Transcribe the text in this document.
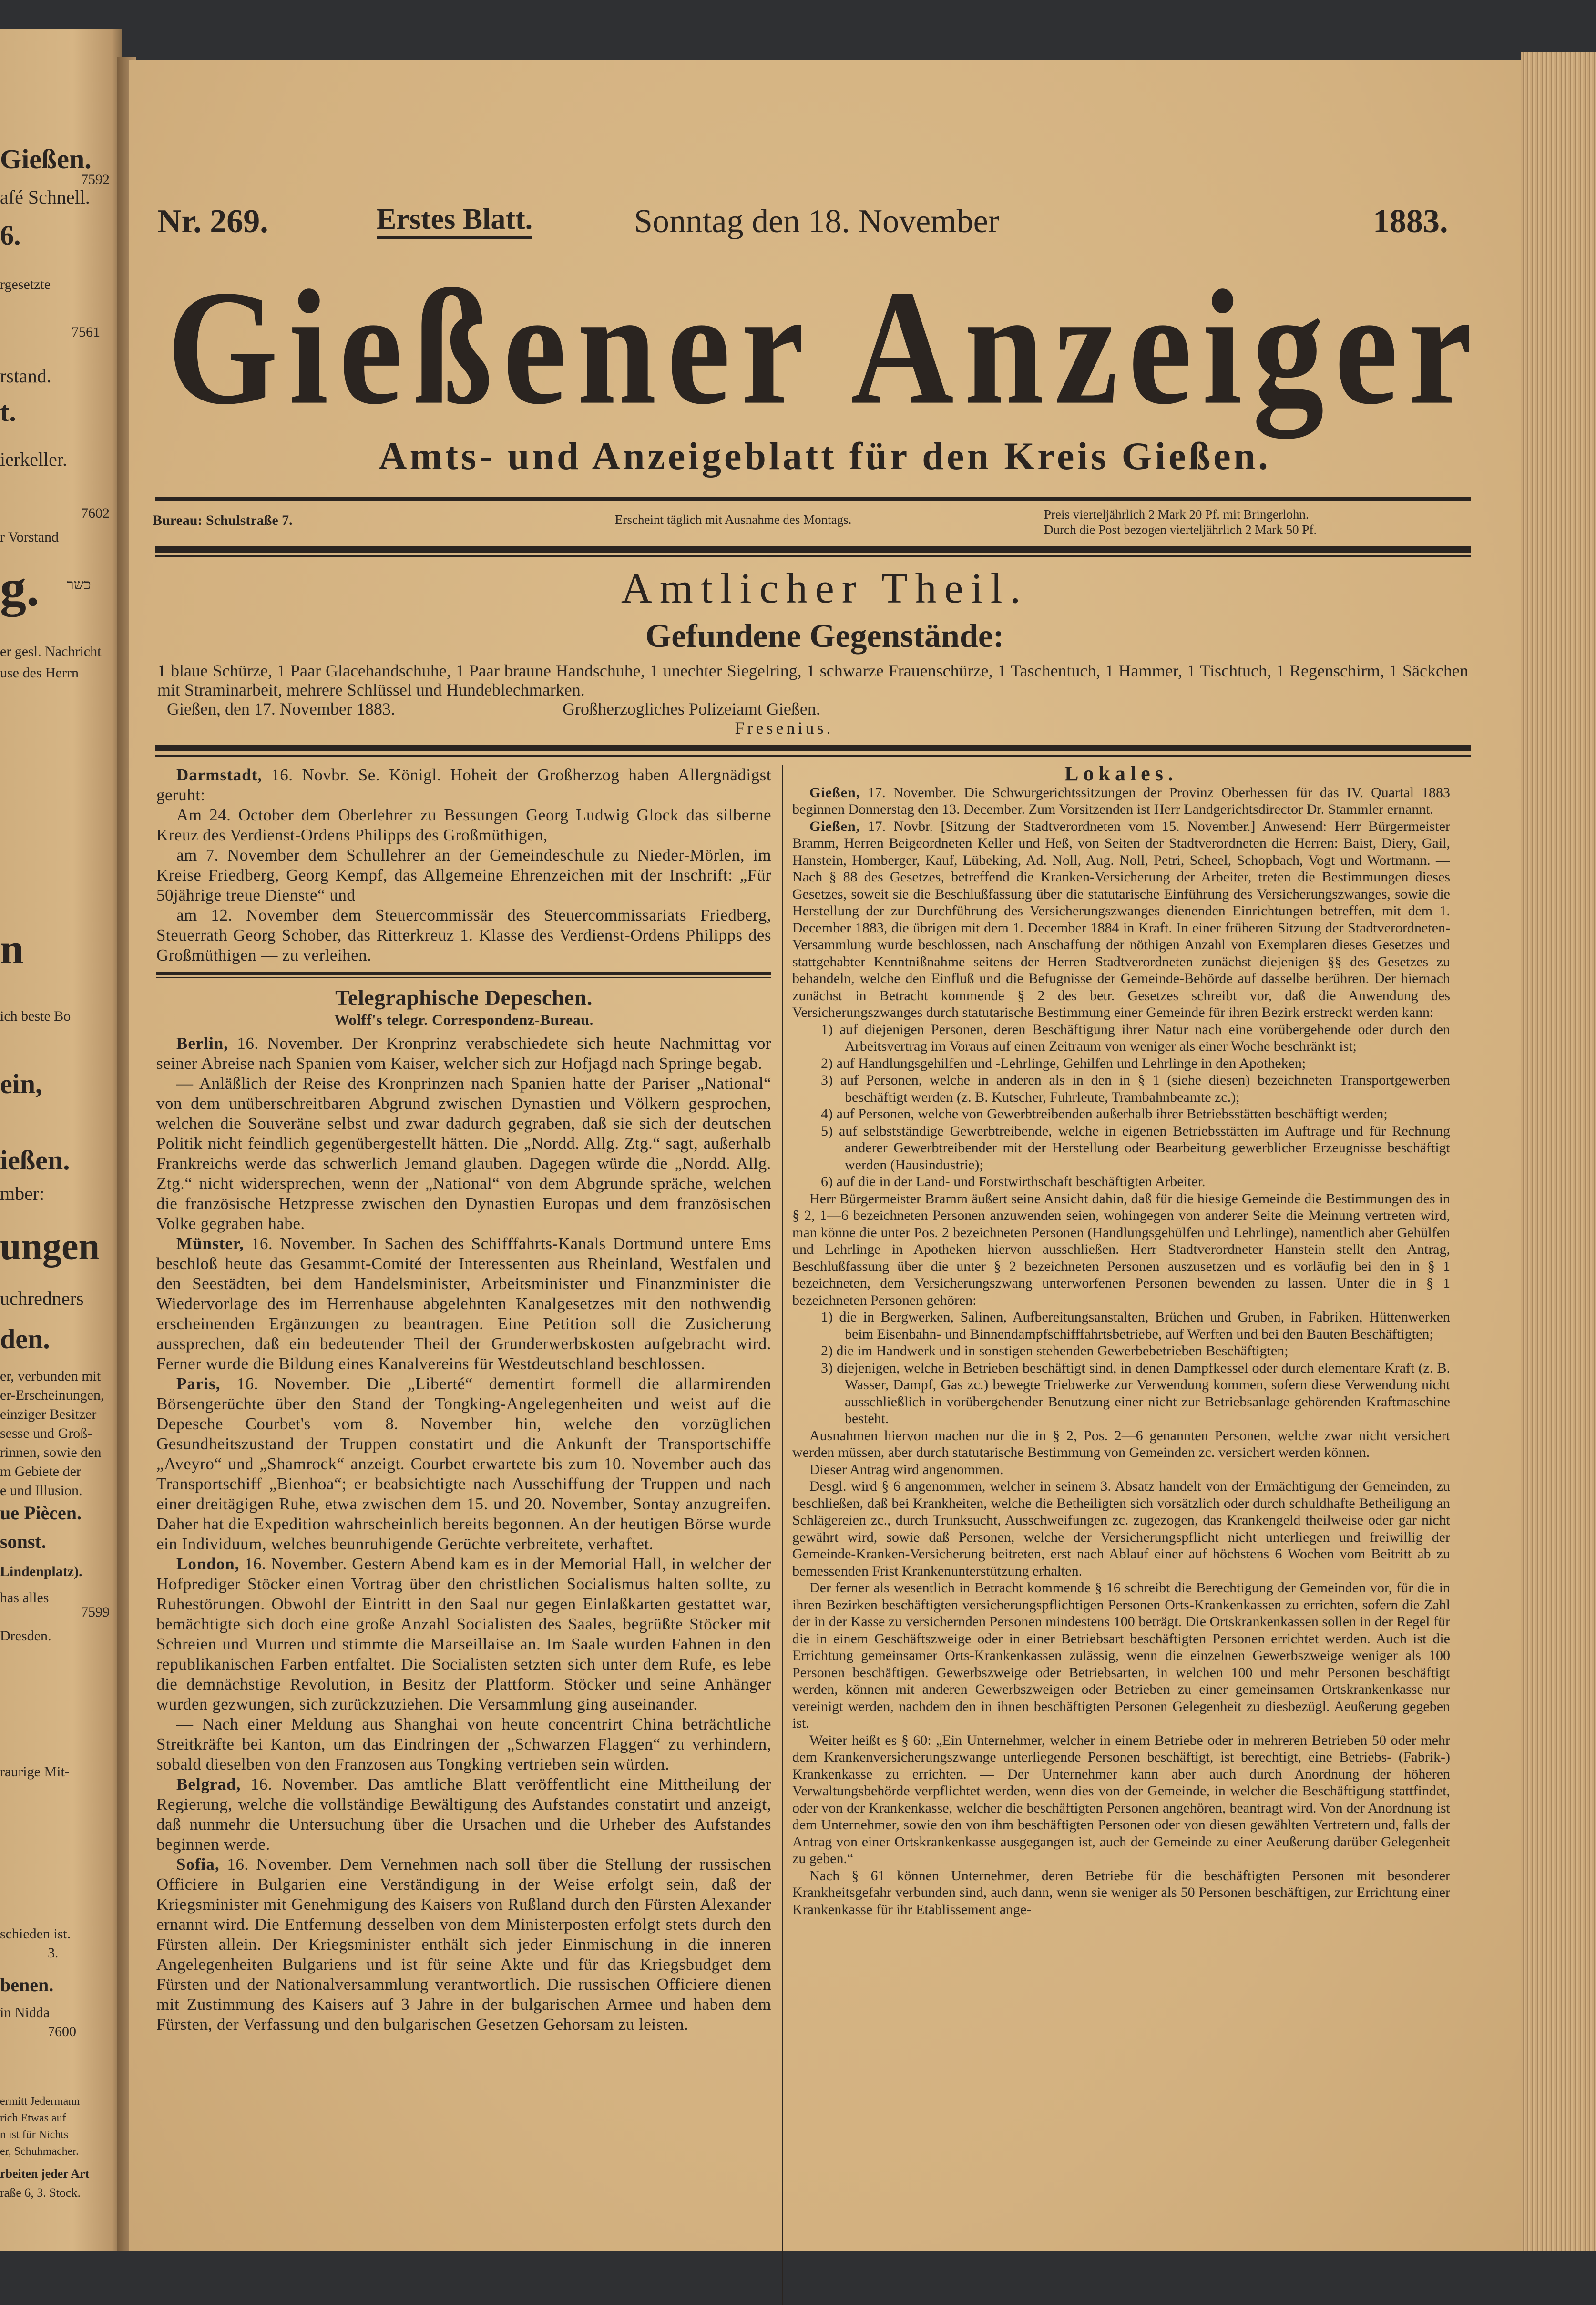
Gießen.
afé Schnell.
7592
6.
rgesetzte
7561
rstand.
t.
ierkeller.
7602
r Vorstand
g. כשר
er gesl. Nachricht
use des Herrn
n
ich beste Bo
ein,
ießen.
mber:
ungen
uchredners
den.
er, verbunden mit
er-Erscheinungen,
einziger Besitzer
sesse und Groß-
rinnen, sowie den
m Gebiete der
e und Illusion.
ue Piècen.
sonst.
Lindenplatz).
has alles
7599
Dresden.
raurige Mit-
schieden ist.
3.
benen.
in Nidda
7600
ermitt Jedermann
rich Etwas auf
n ist für Nichts
er, Schuhmacher.
rbeiten jeder Art
raße 6, 3. Stock.
Nr. 269.	Erstes Blatt.	Sonntag den 18. November	1883.
Gießener Anzeiger
Amts- und Anzeigeblatt für den Kreis Gießen.
Bureau: Schulstraße 7.	Erscheint täglich mit Ausnahme des Montags.	Preis vierteljährlich 2 Mark 20 Pf. mit Bringerlohn.
Durch die Post bezogen vierteljährlich 2 Mark 50 Pf.
Amtlicher Theil.
Gefundene Gegenstände:
1 blaue Schürze, 1 Paar Glacehandschuhe, 1 Paar braune Handschuhe, 1 unechter Siegelring, 1 schwarze Frauenschürze, 1 Taschentuch, 1 Hammer, 1 Tischtuch, 1 Regenschirm, 1 Säckchen mit Straminarbeit, mehrere Schlüssel und Hundeblechmarken.
Gießen, den 17. November 1883.	Großherzogliches Polizeiamt Gießen.
Fresenius.

Darmstadt, 16. Novbr. Se. Königl. Hoheit der Großherzog haben Allergnädigst geruht:

Am 24. October dem Oberlehrer zu Bessungen Georg Ludwig Glock das silberne Kreuz des Verdienst-Ordens Philipps des Großmüthigen,

am 7. November dem Schullehrer an der Gemeindeschule zu Nieder-Mörlen, im Kreise Friedberg, Georg Kempf, das Allgemeine Ehrenzeichen mit der Inschrift: „Für 50jährige treue Dienste“ und

am 12. November dem Steuercommissär des Steuercommissariats Friedberg, Steuerrath Georg Schober, das Ritterkreuz 1. Klasse des Verdienst-Ordens Philipps des Großmüthigen — zu verleihen.

Telegraphische Depeschen.

Wolff's telegr. Correspondenz-Bureau.

Berlin, 16. November. Der Kronprinz verabschiedete sich heute Nachmittag vor seiner Abreise nach Spanien vom Kaiser, welcher sich zur Hofjagd nach Springe begab.

— Anläßlich der Reise des Kronprinzen nach Spanien hatte der Pariser „National“ von dem unüberschreitbaren Abgrund zwischen Dynastien und Völkern gesprochen, welchen die Souveräne selbst und zwar dadurch gegraben, daß sie sich der deutschen Politik nicht feindlich gegenübergestellt hätten. Die „Nordd. Allg. Ztg.“ sagt, außerhalb Frankreichs werde das schwerlich Jemand glauben. Dagegen würde die „Nordd. Allg. Ztg.“ nicht widersprechen, wenn der „National“ von dem Abgrunde spräche, welchen die französische Hetzpresse zwischen den Dynastien Europas und dem französischen Volke gegraben habe.

Münster, 16. November. In Sachen des Schifffahrts-Kanals Dortmund untere Ems beschloß heute das Gesammt-Comité der Interessenten aus Rheinland, Westfalen und den Seestädten, bei dem Handelsminister, Arbeitsminister und Finanzminister die Wiedervorlage des im Herrenhause abgelehnten Kanalgesetzes mit den nothwendig erscheinenden Ergänzungen zu beantragen. Eine Petition soll die Zusicherung aussprechen, daß ein bedeutender Theil der Grunderwerbskosten aufgebracht wird. Ferner wurde die Bildung eines Kanalvereins für Westdeutschland beschlossen.

Paris, 16. November. Die „Liberté“ dementirt formell die allarmirenden Börsengerüchte über den Stand der Tongking-Angelegenheiten und weist auf die Depesche Courbet's vom 8. November hin, welche den vorzüglichen Gesundheitszustand der Truppen constatirt und die Ankunft der Transportschiffe „Aveyro“ und „Shamrock“ anzeigt. Courbet erwartete bis zum 10. November auch das Transportschiff „Bienhoa“; er beabsichtigte nach Ausschiffung der Truppen und nach einer dreitägigen Ruhe, etwa zwischen dem 15. und 20. November, Sontay anzugreifen. Daher hat die Expedition wahrscheinlich bereits begonnen. An der heutigen Börse wurde ein Individuum, welches beunruhigende Gerüchte verbreitete, verhaftet.

London, 16. November. Gestern Abend kam es in der Memorial Hall, in welcher der Hofprediger Stöcker einen Vortrag über den christlichen Socialismus halten sollte, zu Ruhestörungen. Obwohl der Eintritt in den Saal nur gegen Einlaßkarten gestattet war, bemächtigte sich doch eine große Anzahl Socialisten des Saales, begrüßte Stöcker mit Schreien und Murren und stimmte die Marseillaise an. Im Saale wurden Fahnen in den republikanischen Farben entfaltet. Die Socialisten setzten sich unter dem Rufe, es lebe die demnächstige Revolution, in Besitz der Plattform. Stöcker und seine Anhänger wurden gezwungen, sich zurückzuziehen. Die Versammlung ging auseinander.

— Nach einer Meldung aus Shanghai von heute concentrirt China beträchtliche Streitkräfte bei Kanton, um das Eindringen der „Schwarzen Flaggen“ zu verhindern, sobald dieselben von den Franzosen aus Tongking vertrieben sein würden.

Belgrad, 16. November. Das amtliche Blatt veröffentlicht eine Mittheilung der Regierung, welche die vollständige Bewältigung des Aufstandes constatirt und anzeigt, daß nunmehr die Untersuchung über die Ursachen und die Urheber des Aufstandes beginnen werde.

Sofia, 16. November. Dem Vernehmen nach soll über die Stellung der russischen Officiere in Bulgarien eine Verständigung in der Weise erfolgt sein, daß der Kriegsminister mit Genehmigung des Kaisers von Rußland durch den Fürsten Alexander ernannt wird. Die Entfernung desselben von dem Ministerposten erfolgt stets durch den Fürsten allein. Der Kriegsminister enthält sich jeder Einmischung in die inneren Angelegenheiten Bulgariens und ist für seine Akte und für das Kriegsbudget dem Fürsten und der Nationalversammlung verantwortlich. Die russischen Officiere dienen mit Zustimmung des Kaisers auf 3 Jahre in der bulgarischen Armee und haben dem Fürsten, der Verfassung und den bulgarischen Gesetzen Gehorsam zu leisten.

Lokales.

Gießen, 17. November. Die Schwurgerichtssitzungen der Provinz Oberhessen für das IV. Quartal 1883 beginnen Donnerstag den 13. December. Zum Vorsitzenden ist Herr Landgerichtsdirector Dr. Stammler ernannt.

Gießen, 17. Novbr. [Sitzung der Stadtverordneten vom 15. November.] Anwesend: Herr Bürgermeister Bramm, Herren Beigeordneten Keller und Heß, von Seiten der Stadtverordneten die Herren: Baist, Diery, Gail, Hanstein, Homberger, Kauf, Lübeking, Ad. Noll, Aug. Noll, Petri, Scheel, Schopbach, Vogt und Wortmann. — Nach § 88 des Gesetzes, betreffend die Kranken-Versicherung der Arbeiter, treten die Bestimmungen dieses Gesetzes, soweit sie die Beschlußfassung über die statutarische Einführung des Versicherungszwanges, sowie die Herstellung der zur Durchführung des Versicherungszwanges dienenden Einrichtungen betreffen, mit dem 1. December 1883, die übrigen mit dem 1. December 1884 in Kraft. In einer früheren Sitzung der Stadtverordneten-Versammlung wurde beschlossen, nach Anschaffung der nöthigen Anzahl von Exemplaren dieses Gesetzes und stattgehabter Kenntnißnahme seitens der Herren Stadtverordneten zunächst diejenigen §§ des Gesetzes zu behandeln, welche den Einfluß und die Befugnisse der Gemeinde-Behörde auf dasselbe berühren. Der hiernach zunächst in Betracht kommende § 2 des betr. Gesetzes schreibt vor, daß die Anwendung des Versicherungszwanges durch statutarische Bestimmung einer Gemeinde für ihren Bezirk erstreckt werden kann:

1) auf diejenigen Personen, deren Beschäftigung ihrer Natur nach eine vorübergehende oder durch den Arbeitsvertrag im Voraus auf einen Zeitraum von weniger als einer Woche beschränkt ist;

2) auf Handlungsgehilfen und -Lehrlinge, Gehilfen und Lehrlinge in den Apotheken;

3) auf Personen, welche in anderen als in den in § 1 (siehe diesen) bezeichneten Transportgewerben beschäftigt werden (z. B. Kutscher, Fuhrleute, Trambahnbeamte zc.);

4) auf Personen, welche von Gewerbtreibenden außerhalb ihrer Betriebsstätten beschäftigt werden;

5) auf selbstständige Gewerbtreibende, welche in eigenen Betriebsstätten im Auftrage und für Rechnung anderer Gewerbtreibender mit der Herstellung oder Bearbeitung gewerblicher Erzeugnisse beschäftigt werden (Hausindustrie);

6) auf die in der Land- und Forstwirthschaft beschäftigten Arbeiter.

Herr Bürgermeister Bramm äußert seine Ansicht dahin, daß für die hiesige Gemeinde die Bestimmungen des in § 2, 1—6 bezeichneten Personen anzuwenden seien, wohingegen von anderer Seite die Meinung vertreten wird, man könne die unter Pos. 2 bezeichneten Personen (Handlungsgehülfen und Lehrlinge), namentlich aber Gehülfen und Lehrlinge in Apotheken hiervon ausschließen. Herr Stadtverordneter Hanstein stellt den Antrag, Beschlußfassung über die unter § 2 bezeichneten Personen auszusetzen und es vorläufig bei den in § 1 bezeichneten, dem Versicherungszwang unterworfenen Personen bewenden zu lassen. Unter die in § 1 bezeichneten Personen gehören:

1) die in Bergwerken, Salinen, Aufbereitungsanstalten, Brüchen und Gruben, in Fabriken, Hüttenwerken beim Eisenbahn- und Binnendampfschifffahrtsbetriebe, auf Werften und bei den Bauten Beschäftigten;

2) die im Handwerk und in sonstigen stehenden Gewerbebetrieben Beschäftigten;

3) diejenigen, welche in Betrieben beschäftigt sind, in denen Dampfkessel oder durch elementare Kraft (z. B. Wasser, Dampf, Gas zc.) bewegte Triebwerke zur Verwendung kommen, sofern diese Verwendung nicht ausschließlich in vorübergehender Benutzung einer nicht zur Betriebsanlage gehörenden Kraftmaschine besteht.

Ausnahmen hiervon machen nur die in § 2, Pos. 2—6 genannten Personen, welche zwar nicht versichert werden müssen, aber durch statutarische Bestimmung von Gemeinden zc. versichert werden können.

Dieser Antrag wird angenommen.

Desgl. wird § 6 angenommen, welcher in seinem 3. Absatz handelt von der Ermächtigung der Gemeinden, zu beschließen, daß bei Krankheiten, welche die Betheiligten sich vorsätzlich oder durch schuldhafte Betheiligung an Schlägereien zc., durch Trunksucht, Ausschweifungen zc. zugezogen, das Krankengeld theilweise oder gar nicht gewährt wird, sowie daß Personen, welche der Versicherungspflicht nicht unterliegen und freiwillig der Gemeinde-Kranken-Versicherung beitreten, erst nach Ablauf einer auf höchstens 6 Wochen vom Beitritt ab zu bemessenden Frist Krankenunterstützung erhalten.

Der ferner als wesentlich in Betracht kommende § 16 schreibt die Berechtigung der Gemeinden vor, für die in ihren Bezirken beschäftigten versicherungspflichtigen Personen Orts-Krankenkassen zu errichten, sofern die Zahl der in der Kasse zu versichernden Personen mindestens 100 beträgt. Die Ortskrankenkassen sollen in der Regel für die in einem Geschäftszweige oder in einer Betriebsart beschäftigten Personen errichtet werden. Auch ist die Errichtung gemeinsamer Orts-Krankenkassen zulässig, wenn die einzelnen Gewerbszweige weniger als 100 Personen beschäftigen. Gewerbszweige oder Betriebsarten, in welchen 100 und mehr Personen beschäftigt werden, können mit anderen Gewerbszweigen oder Betrieben zu einer gemeinsamen Ortskrankenkasse nur vereinigt werden, nachdem den in ihnen beschäftigten Personen Gelegenheit zu diesbezügl. Aeußerung gegeben ist.

Weiter heißt es § 60: „Ein Unternehmer, welcher in einem Betriebe oder in mehreren Betrieben 50 oder mehr dem Krankenversicherungszwange unterliegende Personen beschäftigt, ist berechtigt, eine Betriebs- (Fabrik-) Krankenkasse zu errichten. — Der Unternehmer kann aber auch durch Anordnung der höheren Verwaltungsbehörde verpflichtet werden, wenn dies von der Gemeinde, in welcher die Beschäftigung stattfindet, oder von der Krankenkasse, welcher die beschäftigten Personen angehören, beantragt wird. Von der Anordnung ist dem Unternehmer, sowie den von ihm beschäftigten Personen oder von diesen gewählten Vertretern und, falls der Antrag von einer Ortskrankenkasse ausgegangen ist, auch der Gemeinde zu einer Aeußerung darüber Gelegenheit zu geben.“

Nach § 61 können Unternehmer, deren Betriebe für die beschäftigten Personen mit besonderer Krankheitsgefahr verbunden sind, auch dann, wenn sie weniger als 50 Personen beschäftigen, zur Errichtung einer Krankenkasse für ihr Etablissement ange-
